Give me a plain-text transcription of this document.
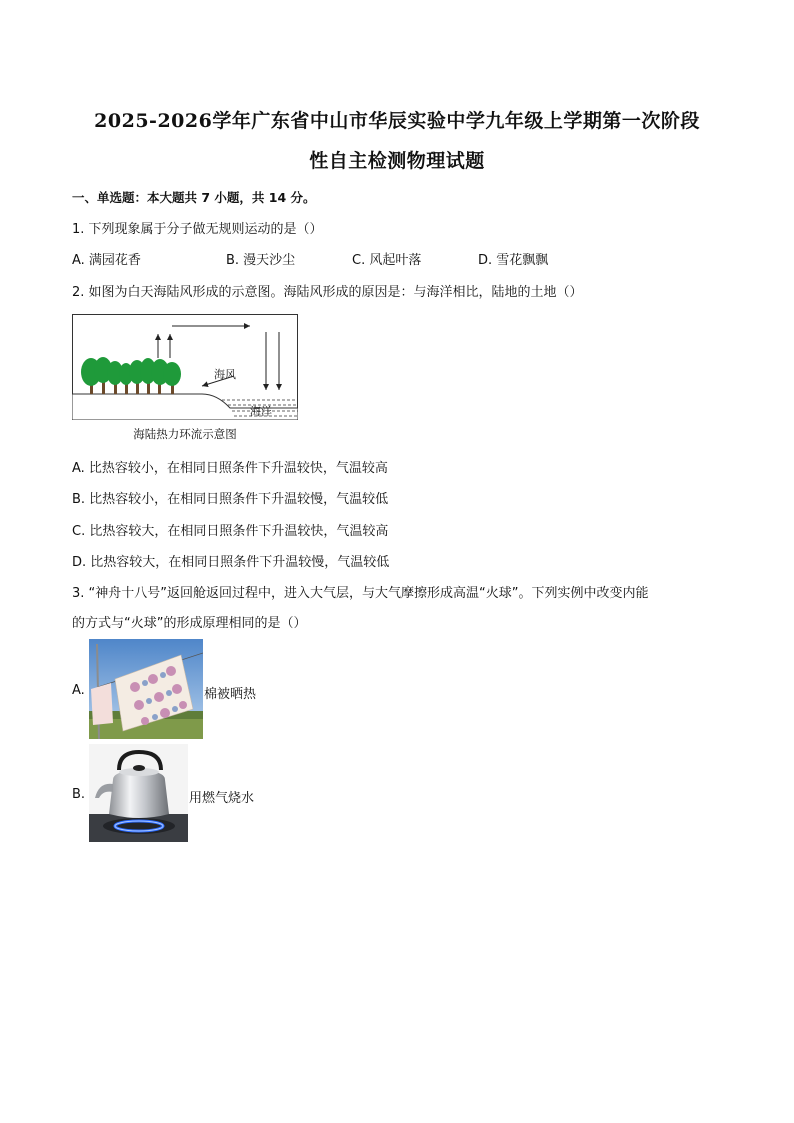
2025-2026学年广东省中山市华辰实验中学九年级上学期第一次阶段
性自主检测物理试题
一、单选题：本大题共 7 小题，共 14 分。
1. 下列现象属于分子做无规则运动的是（）
A. 满园花香	B. 漫天沙尘	C. 风起叶落	D. 雪花飘飘
2. 如图为白天海陆风形成的示意图。海陆风形成的原因是：与海洋相比，陆地的土地（）
海风
海洋
海陆热力环流示意图
A. 比热容较小，在相同日照条件下升温较快，气温较高
B. 比热容较小，在相同日照条件下升温较慢，气温较低
C. 比热容较大，在相同日照条件下升温较快，气温较高
D. 比热容较大，在相同日照条件下升温较慢，气温较低
3. “神舟十八号”返回舱返回过程中，进入大气层，与大气摩擦形成高温“火球”。下列实例中改变内能
的方式与“火球”的形成原理相同的是（）
A.	棉被晒热
B.	用燃气烧水
